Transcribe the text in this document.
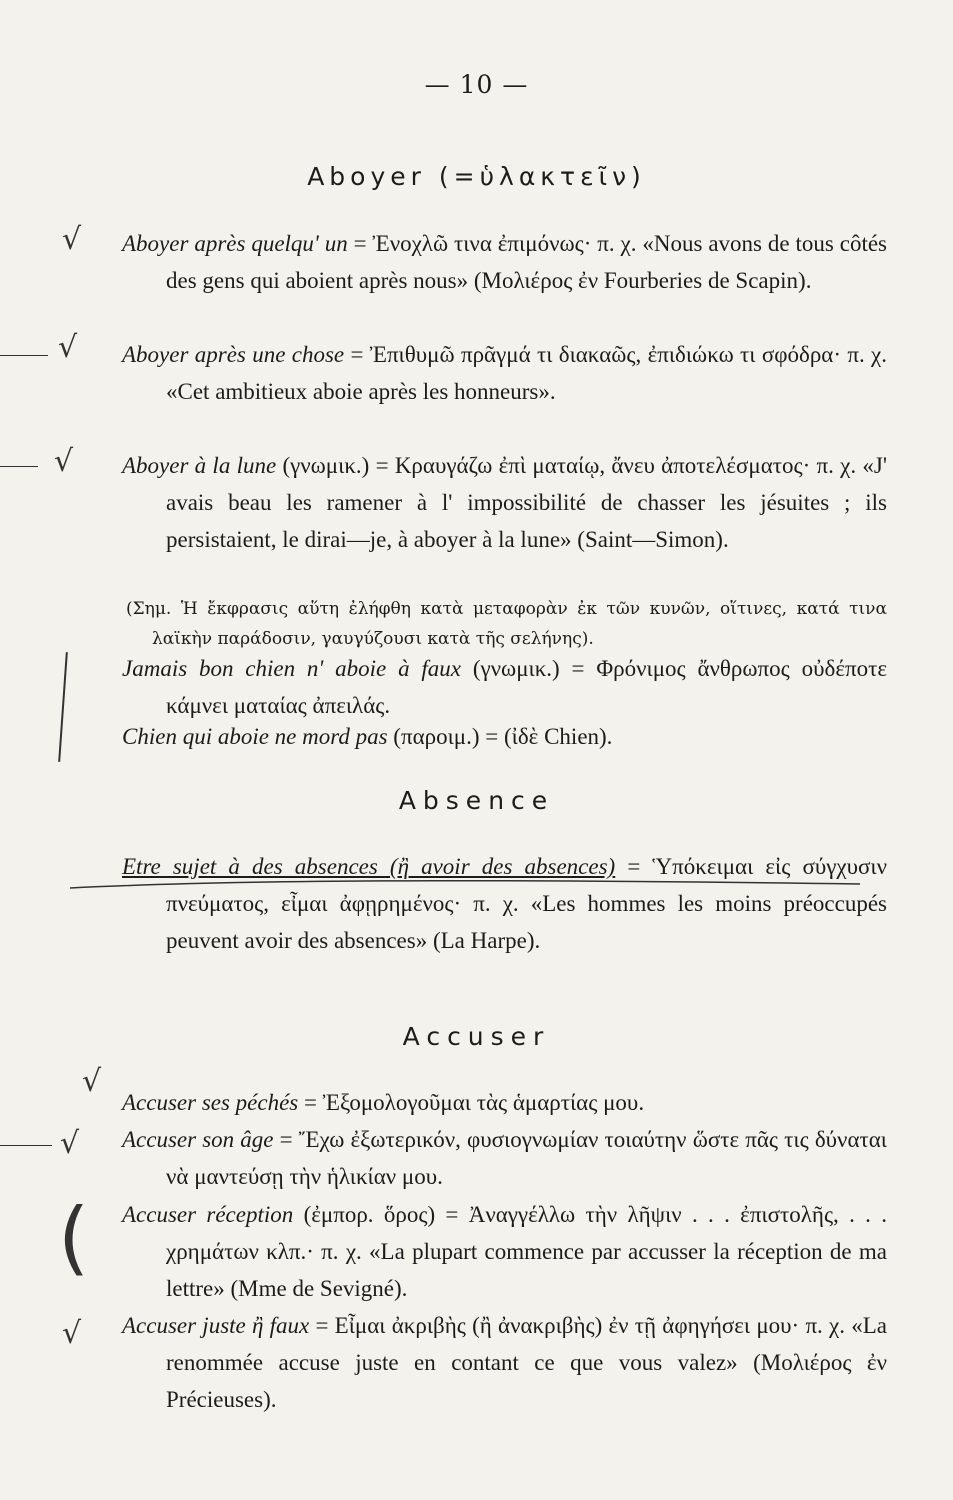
— 10 —
Aboyer (=ὑλακτεῖν)
Aboyer après quelqu' un = Ἐνοχλῶ τινα ἐπιμόνως· π. χ. «Nous avons de tous côtés des gens qui aboient après nous» (Μολιέρος ἐν Fourberies de Scapin).
Aboyer après une chose = Ἐπιθυμῶ πρᾶγμά τι διακαῶς, ἐπιδιώκω τι σφόδρα· π. χ. «Cet ambitieux aboie après les honneurs».
Aboyer à la lune (γνωμικ.) = Κραυγάζω ἐπὶ ματαίῳ, ἄνευ ἀποτελέσματος· π. χ. «J' avais beau les ramener à l' impossibilité de chasser les jésuites ; ils persistaient, le dirai—je, à aboyer à la lune» (Saint—Simon).
(Σημ. Ἡ ἔκφρασις αὕτη ἐλήφθη κατὰ μεταφορὰν ἐκ τῶν κυνῶν, οἵτινες, κατά τινα λαϊκὴν παράδοσιν, γαυγύζουσι κατὰ τῆς σελήνης).
Jamais bon chien n' aboie à faux (γνωμικ.) = Φρόνιμος ἄνθρωπος οὐδέποτε κάμνει ματαίας ἀπειλάς.
Chien qui aboie ne mord pas (παροιμ.) = (ἰδὲ Chien).
Absence
Etre sujet à des absences (ἢ avoir des absences) = Ὑπόκειμαι εἰς σύγχυσιν πνεύματος, εἶμαι ἀφῃρημένος· π. χ. «Les hommes les moins préoccupés peuvent avoir des absences» (La Harpe).
Accuser
Accuser ses péchés = Ἐξομολογοῦμαι τὰς ἁμαρτίας μου.
Accuser son âge = Ἔχω ἐξωτερικόν, φυσιογνωμίαν τοιαύτην ὥστε πᾶς τις δύναται νὰ μαντεύσῃ τὴν ἡλικίαν μου.
Accuser réception (ἐμπορ. ὅρος) = Ἀναγγέλλω τὴν λῆψιν . . . ἐπιστολῆς, . . . χρημάτων κλπ.· π. χ. «La plupart commence par accusser la réception de ma lettre» (Mme de Sevigné).
Accuser juste ἢ faux = Εἶμαι ἀκριβὴς (ἢ ἀνακριβὴς) ἐν τῇ ἀφηγήσει μου· π. χ. «La renommée accuse juste en contant ce que vous valez» (Μολιέρος ἐν Précieuses).
√
√
√
√
√
(
√
